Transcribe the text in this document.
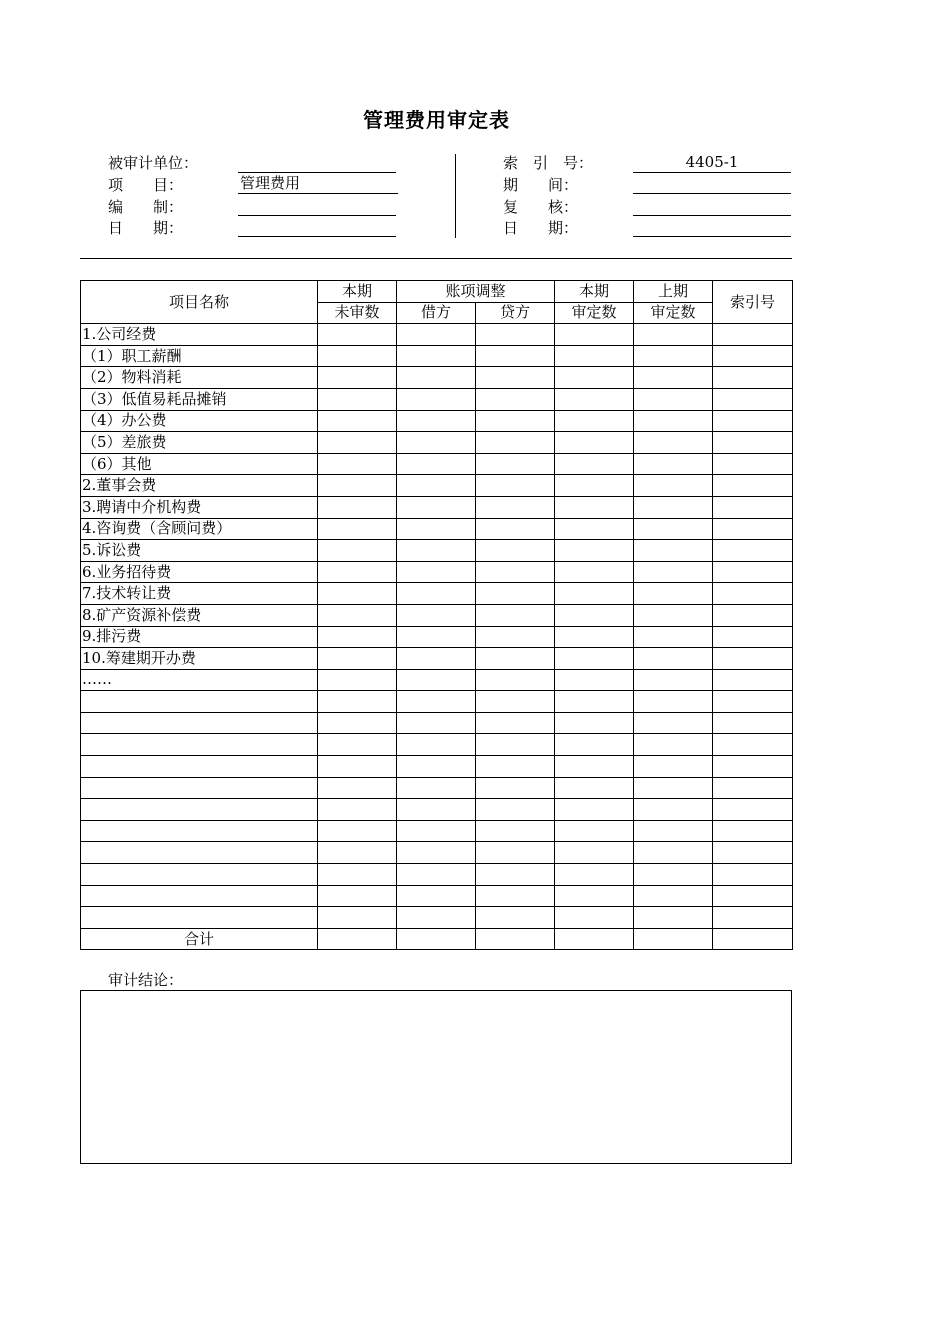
管理费用审定表
被审计单位：
项　　目：	管理费用
编　　制：
日　　期：
索　引　号：	4405-1
期　　间：
复　　核：
日　　期：
项目名称	本期	账项调整		本期	上期	索引号
	未审数	借方	贷方	审定数	审定数	
1.公司经费						
（1）职工薪酬						
（2）物料消耗						
（3）低值易耗品摊销						
（4）办公费						
（5）差旅费						
（6）其他						
2.董事会费						
3.聘请中介机构费						
4.咨询费（含顾问费）						
5.诉讼费						
6.业务招待费						
7.技术转让费						
8.矿产资源补偿费						
9.排污费						
10.筹建期开办费						
……						

合计						
审计结论：
